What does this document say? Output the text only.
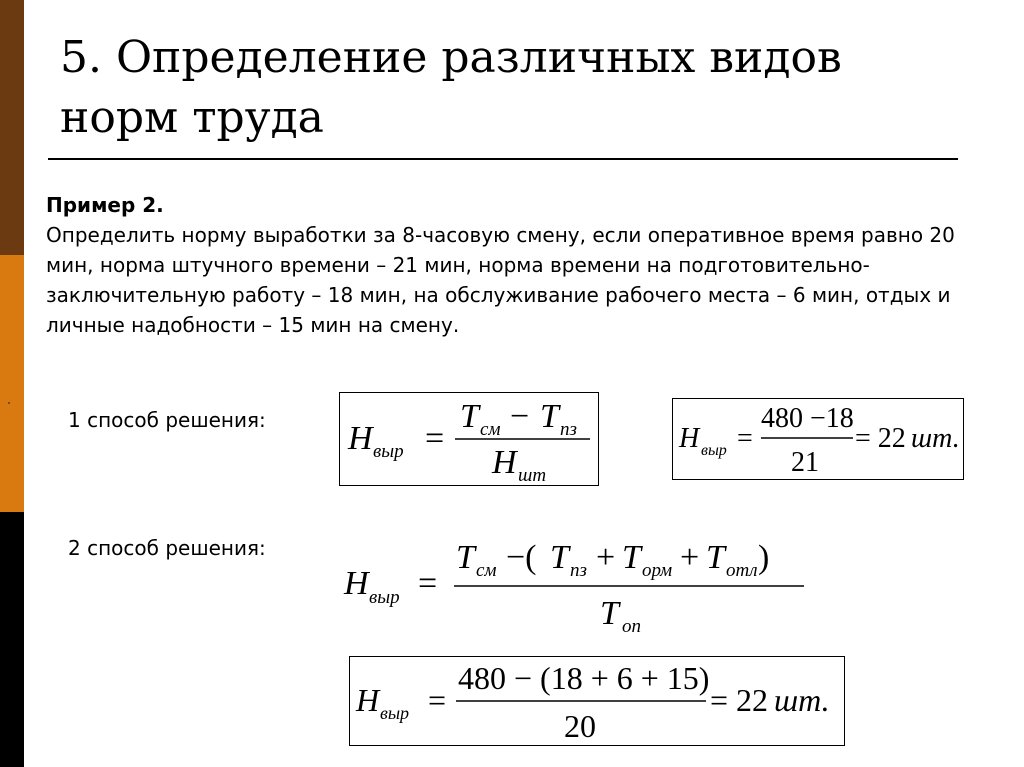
5. Определение различных видов
норм труда
Пример 2.
Определить норму выработки за 8-часовую смену, если оперативное время равно 20 мин, норма штучного времени – 21 мин, норма времени на подготовительно-заключительную работу – 18 мин, на обслуживание рабочего места – 6 мин, отдых и личные надобности – 15 мин на смену.
1 способ решения:
2 способ решения:
Н выр =
Т см − Т пз
Н шт
Н выр =
480 −18
21
= 22 шт.
Н выр =
Т см −( Т пз + Т орм + Т отл )
Т оп
Н выр =
480 − (18 + 6 + 15)
20
= 22 шт.
